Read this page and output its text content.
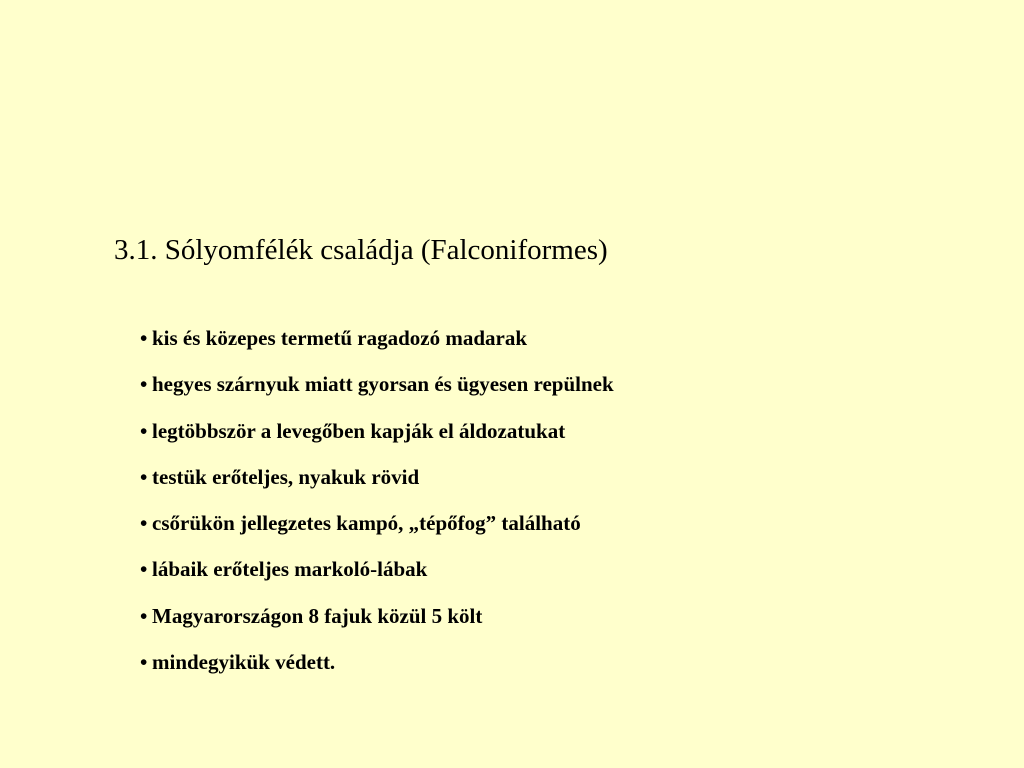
3.1. Sólyomfélék családja (Falconiformes)
• kis és közepes termetű ragadozó madarak
• hegyes szárnyuk miatt gyorsan és ügyesen repülnek
• legtöbbször a levegőben kapják el áldozatukat
• testük erőteljes, nyakuk rövid
• csőrükön jellegzetes kampó, „tépőfog” található
• lábaik erőteljes markoló-lábak
• Magyarországon 8 fajuk közül 5 költ
• mindegyikük védett.
